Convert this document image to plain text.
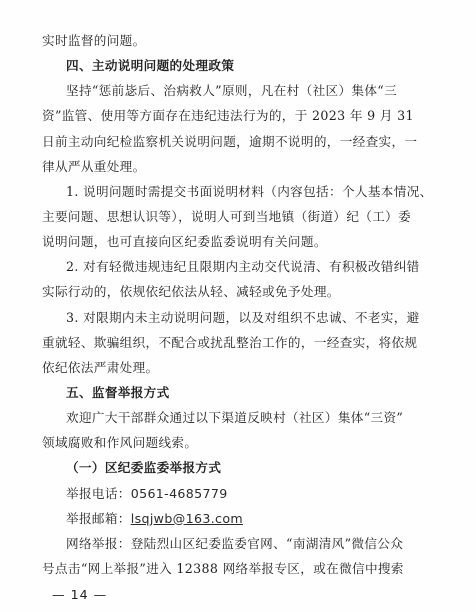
实时监督的问题。
四、主动说明问题的处理政策
坚持“惩前毖后、治病救人”原则，凡在村（社区）集体“三
资”监管、使用等方面存在违纪违法行为的，于 2023 年 9 月 31
日前主动向纪检监察机关说明问题，逾期不说明的，一经查实，一
律从严从重处理。
1. 说明问题时需提交书面说明材料（内容包括：个人基本情况、
主要问题、思想认识等），说明人可到当地镇（街道）纪（工）委
说明问题，也可直接向区纪委监委说明有关问题。
2. 对有轻微违规违纪且限期内主动交代说清、有积极改错纠错
实际行动的，依规依纪依法从轻、减轻或免予处理。
3. 对限期内未主动说明问题，以及对组织不忠诚、不老实，避
重就轻、欺骗组织，不配合或扰乱整治工作的，一经查实，将依规
依纪依法严肃处理。
五、监督举报方式
欢迎广大干部群众通过以下渠道反映村（社区）集体“三资”
领域腐败和作风问题线索。
（一）区纪委监委举报方式
举报电话：0561-4685779
举报邮箱：lsqjwb@163.com
网络举报：登陆烈山区纪委监委官网、“南湖清风”微信公众
号点击“网上举报”进入 12388 网络举报专区，或在微信中搜索
— 14 —
